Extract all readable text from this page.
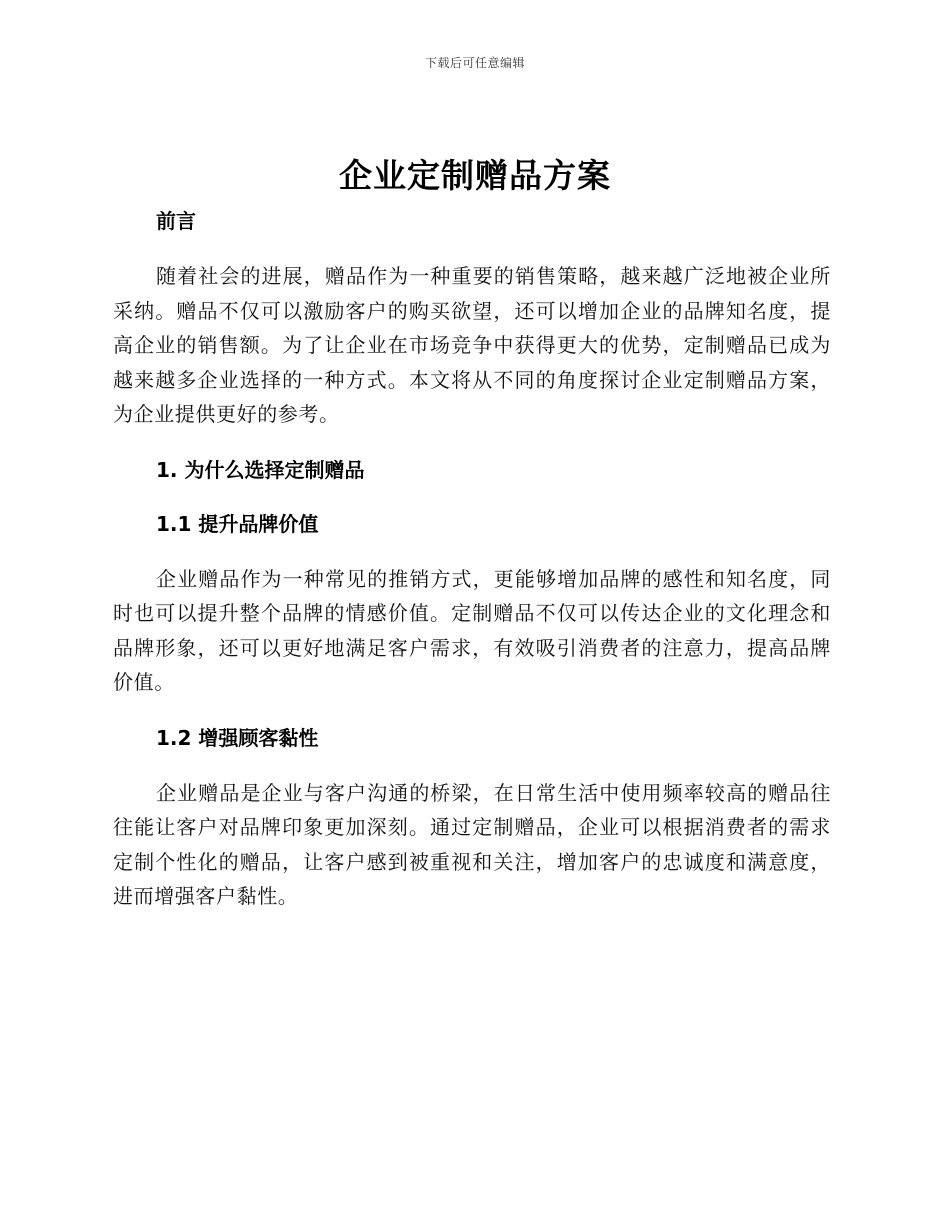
下载后可任意编辑
企业定制赠品方案

前言

随着社会的进展，赠品作为一种重要的销售策略，越来越广泛地被企业所采纳。赠品不仅可以激励客户的购买欲望，还可以增加企业的品牌知名度，提高企业的销售额。为了让企业在市场竞争中获得更大的优势，定制赠品已成为越来越多企业选择的一种方式。本文将从不同的角度探讨企业定制赠品方案，为企业提供更好的参考。

1. 为什么选择定制赠品

1.1 提升品牌价值

企业赠品作为一种常见的推销方式，更能够增加品牌的感性和知名度，同时也可以提升整个品牌的情感价值。定制赠品不仅可以传达企业的文化理念和品牌形象，还可以更好地满足客户需求，有效吸引消费者的注意力，提高品牌价值。

1.2 增强顾客黏性

企业赠品是企业与客户沟通的桥梁，在日常生活中使用频率较高的赠品往往能让客户对品牌印象更加深刻。通过定制赠品，企业可以根据消费者的需求定制个性化的赠品，让客户感到被重视和关注，增加客户的忠诚度和满意度，进而增强客户黏性。
